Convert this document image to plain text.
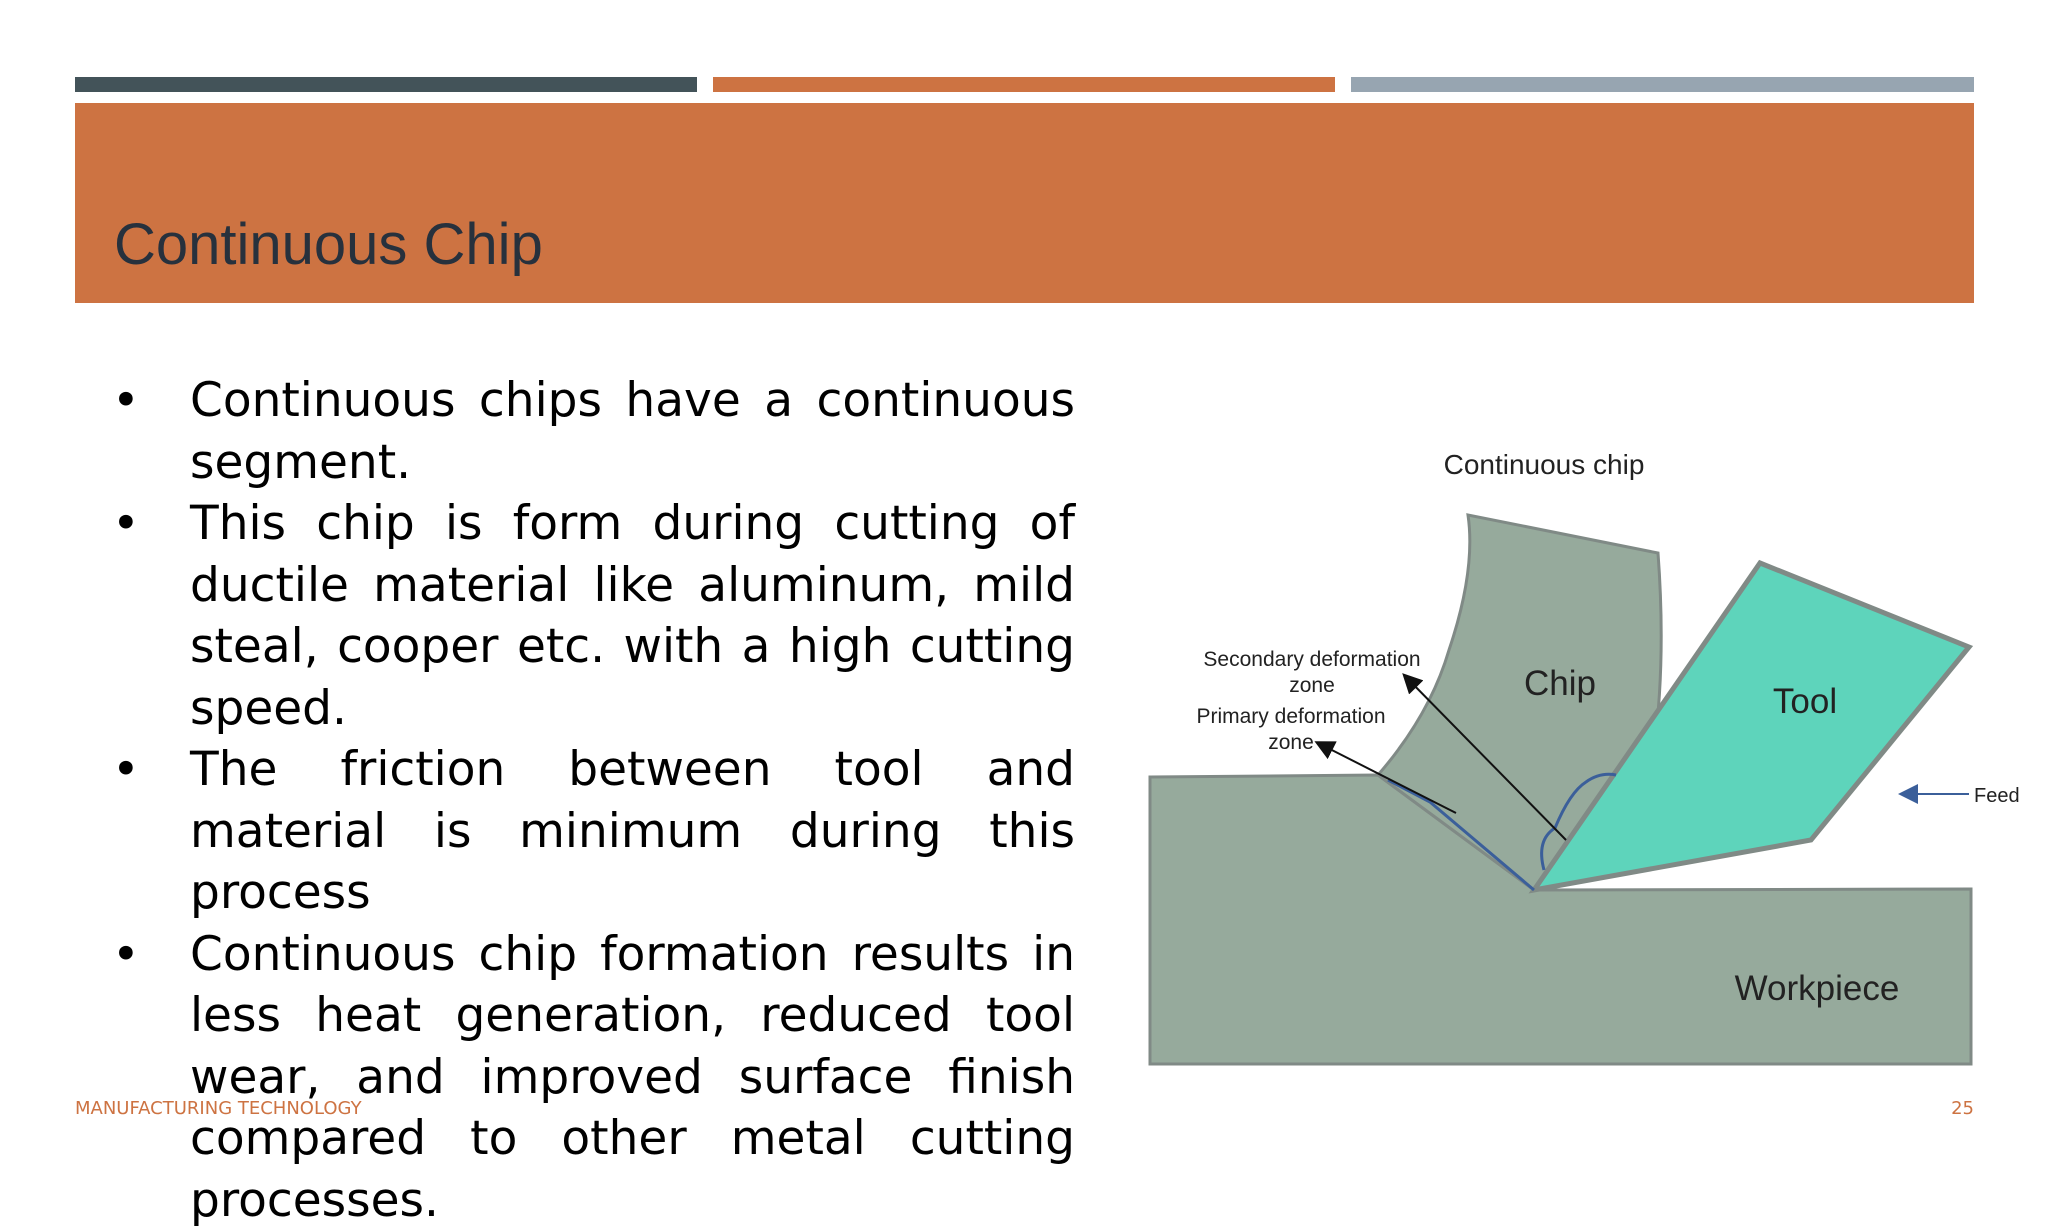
Continuous Chip
• Continuous chips have a continuous segment.
• This chip is form during cutting of ductile material like aluminum, mild steal, cooper etc. with a high cutting speed.
• The friction between tool and material is minimum during this process
• Continuous chip formation results in less heat generation, reduced tool wear, and improved surface finish compared to other metal cutting processes.
Continuous chip
Chip	Tool
Workpiece
Secondary deformation
zone
Primary deformation
zone
Feed
MANUFACTURING TECHNOLOGY	25
